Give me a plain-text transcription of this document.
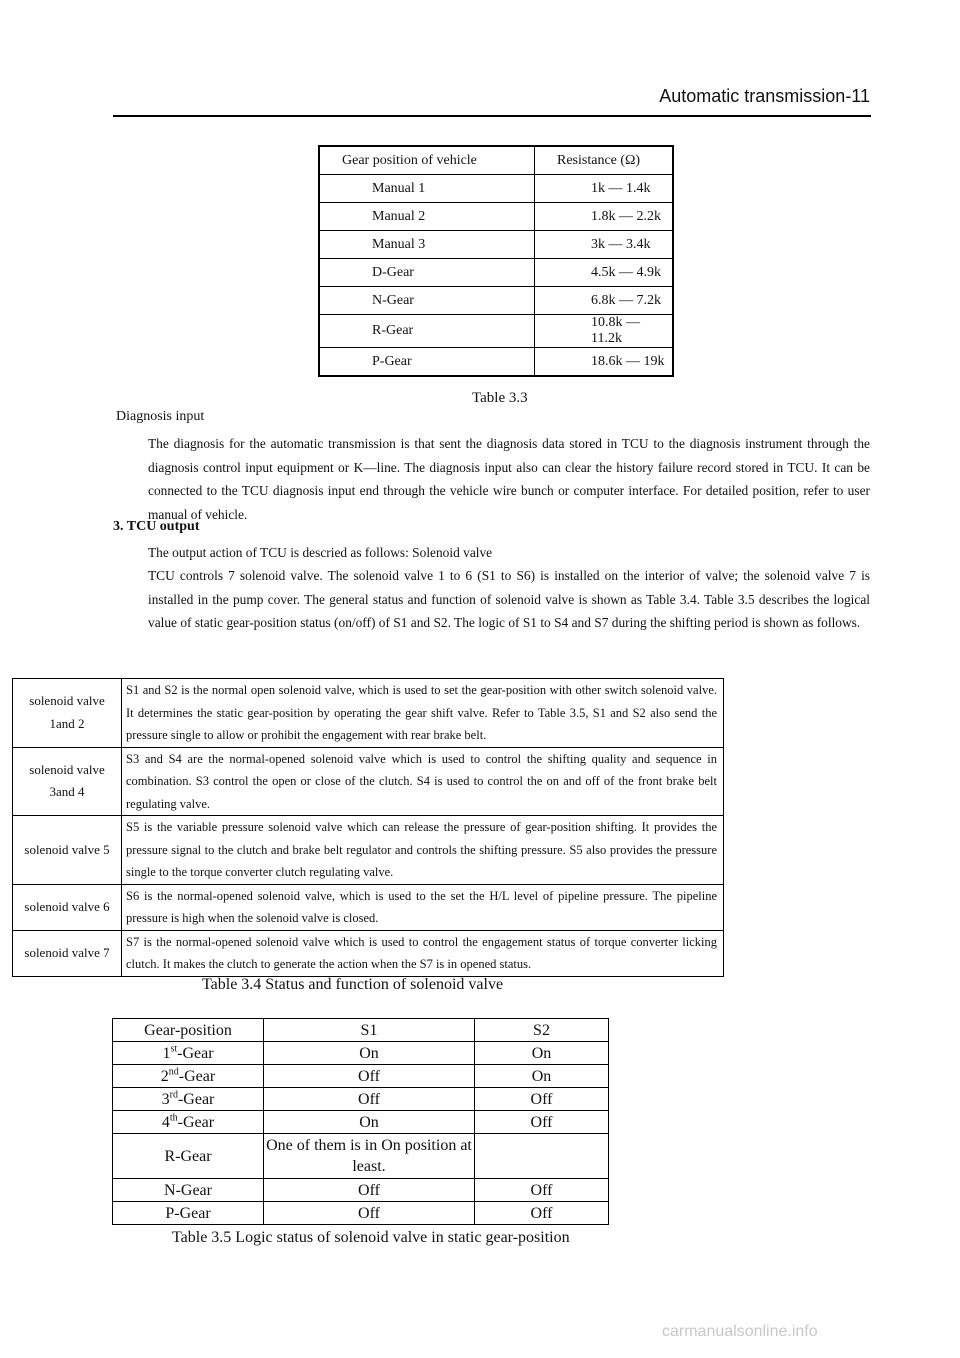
Automatic transmission-11
Gear position of vehicle	Resistance (Ω)
Manual 1	1k — 1.4k
Manual 2	1.8k — 2.2k
Manual 3	3k — 3.4k
D-Gear	4.5k — 4.9k
N-Gear	6.8k — 7.2k
R-Gear	10.8k — 11.2k
P-Gear	18.6k — 19k
Table 3.3
Diagnosis input
The diagnosis for the automatic transmission is that sent the diagnosis data stored in TCU to the diagnosis instrument through the diagnosis control input equipment or K—line. The diagnosis input also can clear the history failure record stored in TCU. It can be connected to the TCU diagnosis input end through the vehicle wire bunch or computer interface. For detailed position, refer to user manual of vehicle.
3. TCU output
The output action of TCU is descried as follows: Solenoid valve
TCU controls 7 solenoid valve. The solenoid valve 1 to 6 (S1 to S6) is installed on the interior of valve; the solenoid valve 7 is installed in the pump cover. The general status and function of solenoid valve is shown as Table 3.4. Table 3.5 describes the logical value of static gear-position status (on/off) of S1 and S2. The logic of S1 to S4 and S7 during the shifting period is shown as follows.
solenoid valve 1and 2	S1 and S2 is the normal open solenoid valve, which is used to set the gear-position with other switch solenoid valve. It determines the static gear-position by operating the gear shift valve. Refer to Table 3.5, S1 and S2 also send the pressure single to allow or prohibit the engagement with rear brake belt.
solenoid valve 3and 4	S3 and S4 are the normal-opened solenoid valve which is used to control the shifting quality and sequence in combination. S3 control the open or close of the clutch. S4 is used to control the on and off of the front brake belt regulating valve.
solenoid valve 5	S5 is the variable pressure solenoid valve which can release the pressure of gear-position shifting. It provides the pressure signal to the clutch and brake belt regulator and controls the shifting pressure. S5 also provides the pressure single to the torque converter clutch regulating valve.
solenoid valve 6	S6 is the normal-opened solenoid valve, which is used to the set the H/L level of pipeline pressure. The pipeline pressure is high when the solenoid valve is closed.
solenoid valve 7	S7 is the normal-opened solenoid valve which is used to control the engagement status of torque converter licking clutch. It makes the clutch to generate the action when the S7 is in opened status.
Table 3.4 Status and function of solenoid valve
Gear-position	S1	S2
1st-Gear	On	On
2nd-Gear	Off	On
3rd-Gear	Off	Off
4th-Gear	On	Off
R-Gear	One of them is in On position at least.	
N-Gear	Off	Off
P-Gear	Off	Off
Table 3.5 Logic status of solenoid valve in static gear-position
carmanualsonline.info
